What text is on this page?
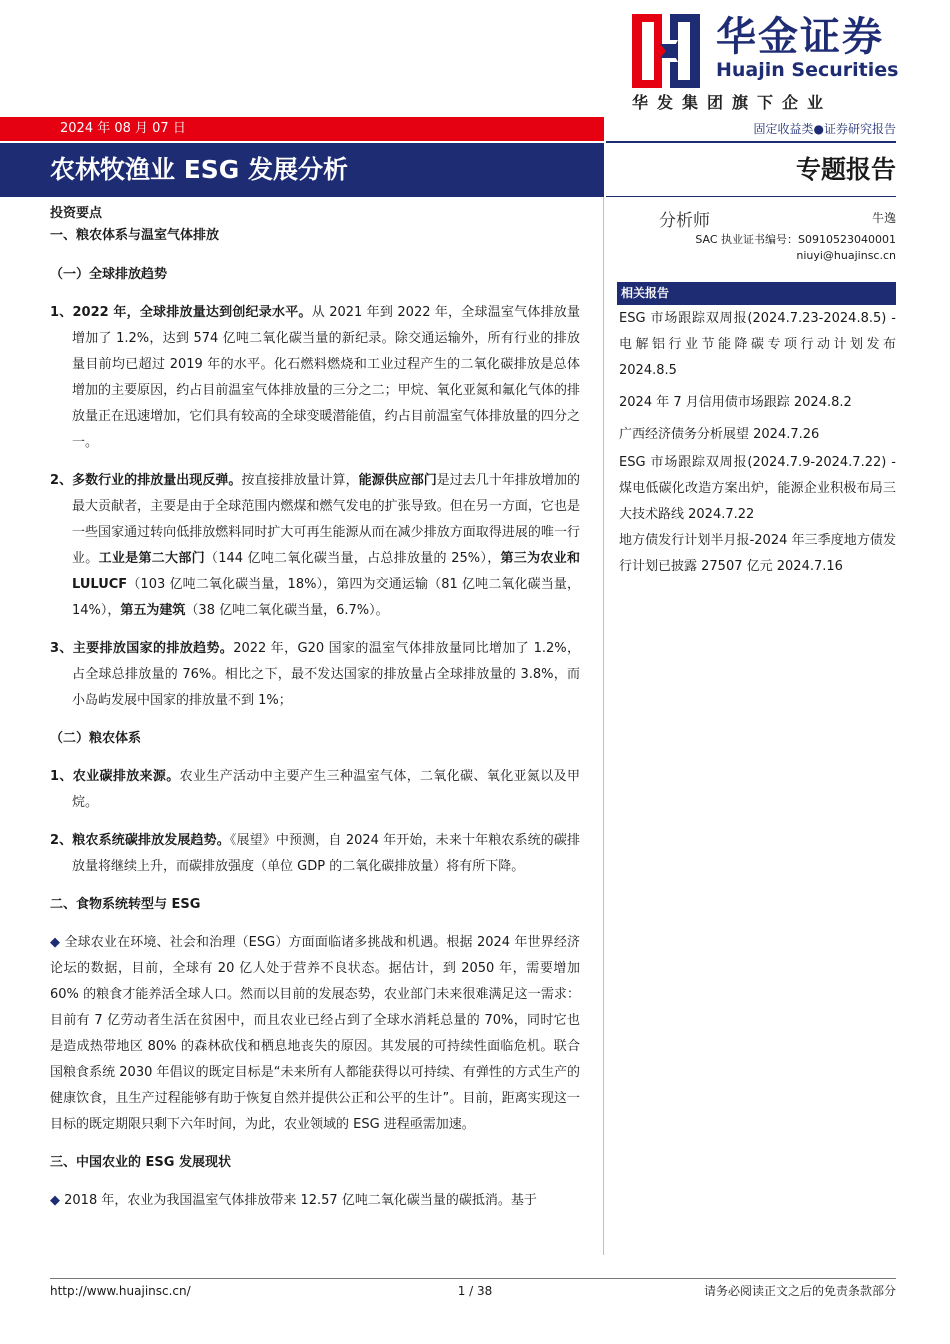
华金证券
Huajin Securities
华发集团旗下企业
2024 年 08 月 07 日	固定收益类●证券研究报告
农林牧渔业 ESG 发展分析	专题报告

投资要点

一、粮农体系与温室气体排放

（一）全球排放趋势

1、2022 年，全球排放量达到创纪录水平。从 2021 年到 2022 年，全球温室气体排放量增加了 1.2%，达到 574 亿吨二氧化碳当量的新纪录。除交通运输外，所有行业的排放量目前均已超过 2019 年的水平。化石燃料燃烧和工业过程产生的二氧化碳排放是总体增加的主要原因，约占目前温室气体排放量的三分之二；甲烷、氧化亚氮和氟化气体的排放量正在迅速增加，它们具有较高的全球变暖潜能值，约占目前温室气体排放量的四分之一。

2、多数行业的排放量出现反弹。按直接排放量计算，能源供应部门是过去几十年排放增加的最大贡献者，主要是由于全球范围内燃煤和燃气发电的扩张导致。但在另一方面，它也是一些国家通过转向低排放燃料同时扩大可再生能源从而在减少排放方面取得进展的唯一行业。工业是第二大部门（144 亿吨二氧化碳当量，占总排放量的 25%），第三为农业和 LULUCF（103 亿吨二氧化碳当量，18%），第四为交通运输（81 亿吨二氧化碳当量，14%），第五为建筑（38 亿吨二氧化碳当量，6.7%）。

3、主要排放国家的排放趋势。2022 年，G20 国家的温室气体排放量同比增加了 1.2%，占全球总排放量的 76%。相比之下，最不发达国家的排放量占全球排放量的 3.8%，而小岛屿发展中国家的排放量不到 1%；

（二）粮农体系

1、农业碳排放来源。农业生产活动中主要产生三种温室气体，二氧化碳、氧化亚氮以及甲烷。

2、粮农系统碳排放发展趋势。《展望》中预测，自 2024 年开始，未来十年粮农系统的碳排放量将继续上升，而碳排放强度（单位 GDP 的二氧化碳排放量）将有所下降。

二、食物系统转型与 ESG

◆ 全球农业在环境、社会和治理（ESG）方面面临诸多挑战和机遇。根据 2024 年世界经济论坛的数据，目前，全球有 20 亿人处于营养不良状态。据估计，到 2050 年，需要增加 60% 的粮食才能养活全球人口。然而以目前的发展态势，农业部门未来很难满足这一需求：目前有 7 亿劳动者生活在贫困中，而且农业已经占到了全球水消耗总量的 70%，同时它也是造成热带地区 80% 的森林砍伐和栖息地丧失的原因。其发展的可持续性面临危机。联合国粮食系统 2030 年倡议的既定目标是“未来所有人都能获得以可持续、有弹性的方式生产的健康饮食，且生产过程能够有助于恢复自然并提供公正和公平的生计”。目前，距离实现这一目标的既定期限只剩下六年时间，为此，农业领域的 ESG 进程亟需加速。

三、中国农业的 ESG 发展现状

◆ 2018 年，农业为我国温室气体排放带来 12.57 亿吨二氧化碳当量的碳抵消。基于

分析师	牛逸
SAC 执业证书编号：S0910523040001
niuyi@huajinsc.cn
相关报告

ESG 市场跟踪双周报(2024.7.23-2024.8.5) -电解铝行业节能降碳专项行动计划发布 2024.8.5

2024 年 7 月信用债市场跟踪 2024.8.2

广西经济债务分析展望 2024.7.26

ESG 市场跟踪双周报(2024.7.9-2024.7.22) -煤电低碳化改造方案出炉，能源企业积极布局三大技术路线 2024.7.22

地方债发行计划半月报-2024 年三季度地方债发行计划已披露 27507 亿元 2024.7.16

http://www.huajinsc.cn/	1 / 38	请务必阅读正文之后的免责条款部分
